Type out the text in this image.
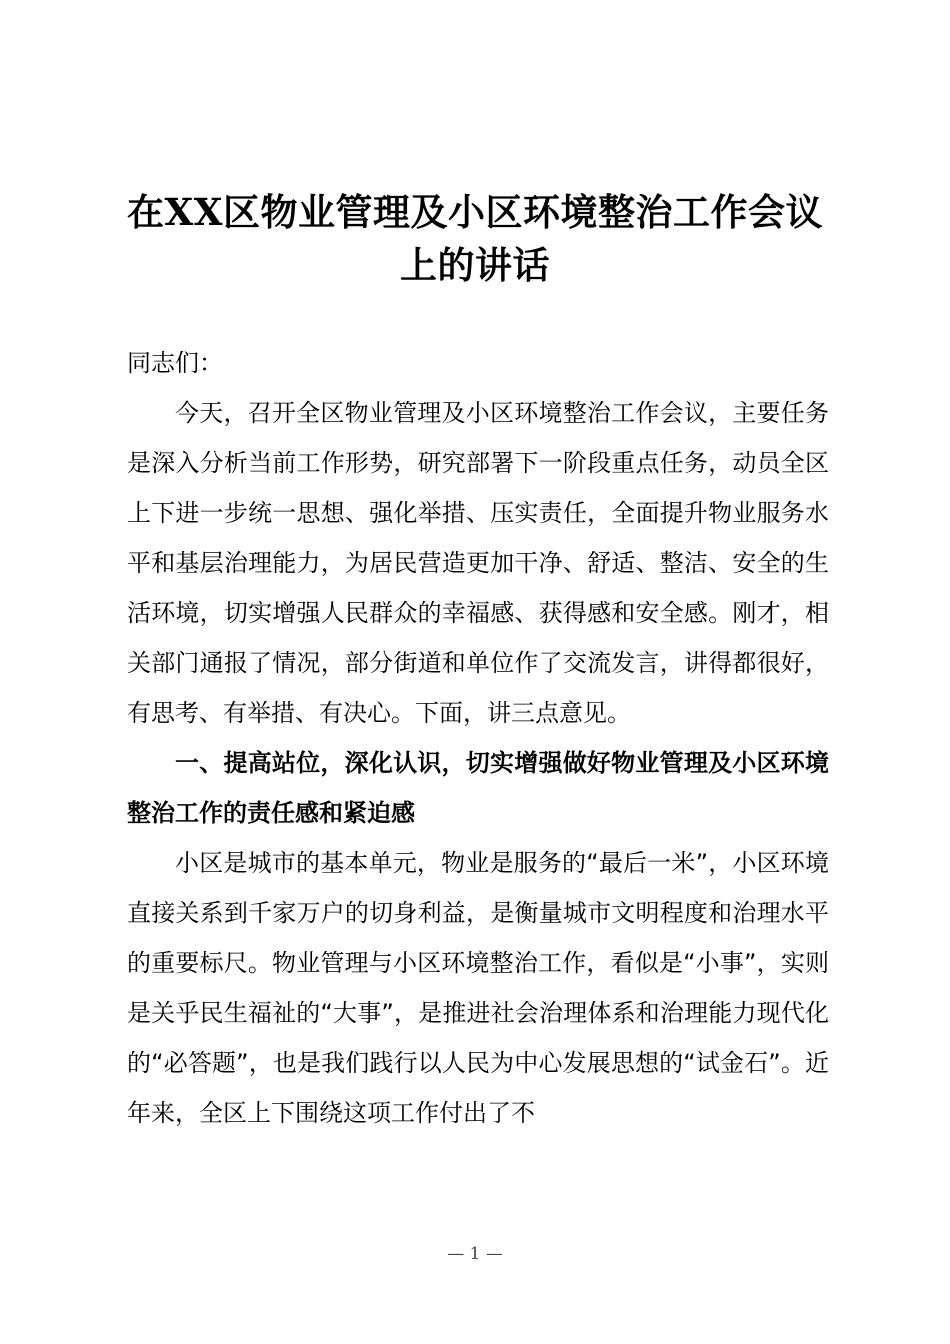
在XX区物业管理及小区环境整治工作会议上的讲话

同志们：

今天，召开全区物业管理及小区环境整治工作会议，主要任务是深入分析当前工作形势，研究部署下一阶段重点任务，动员全区上下进一步统一思想、强化举措、压实责任，全面提升物业服务水平和基层治理能力，为居民营造更加干净、舒适、整洁、安全的生活环境，切实增强人民群众的幸福感、获得感和安全感。刚才，相关部门通报了情况，部分街道和单位作了交流发言，讲得都很好，有思考、有举措、有决心。下面，讲三点意见。

一、提高站位，深化认识，切实增强做好物业管理及小区环境整治工作的责任感和紧迫感

小区是城市的基本单元，物业是服务的“最后一米”，小区环境直接关系到千家万户的切身利益，是衡量城市文明程度和治理水平的重要标尺。物业管理与小区环境整治工作，看似是“小事”，实则是关乎民生福祉的“大事”，是推进社会治理体系和治理能力现代化的“必答题”，也是我们践行以人民为中心发展思想的“试金石”。近年来，全区上下围绕这项工作付出了不

— 1 —
